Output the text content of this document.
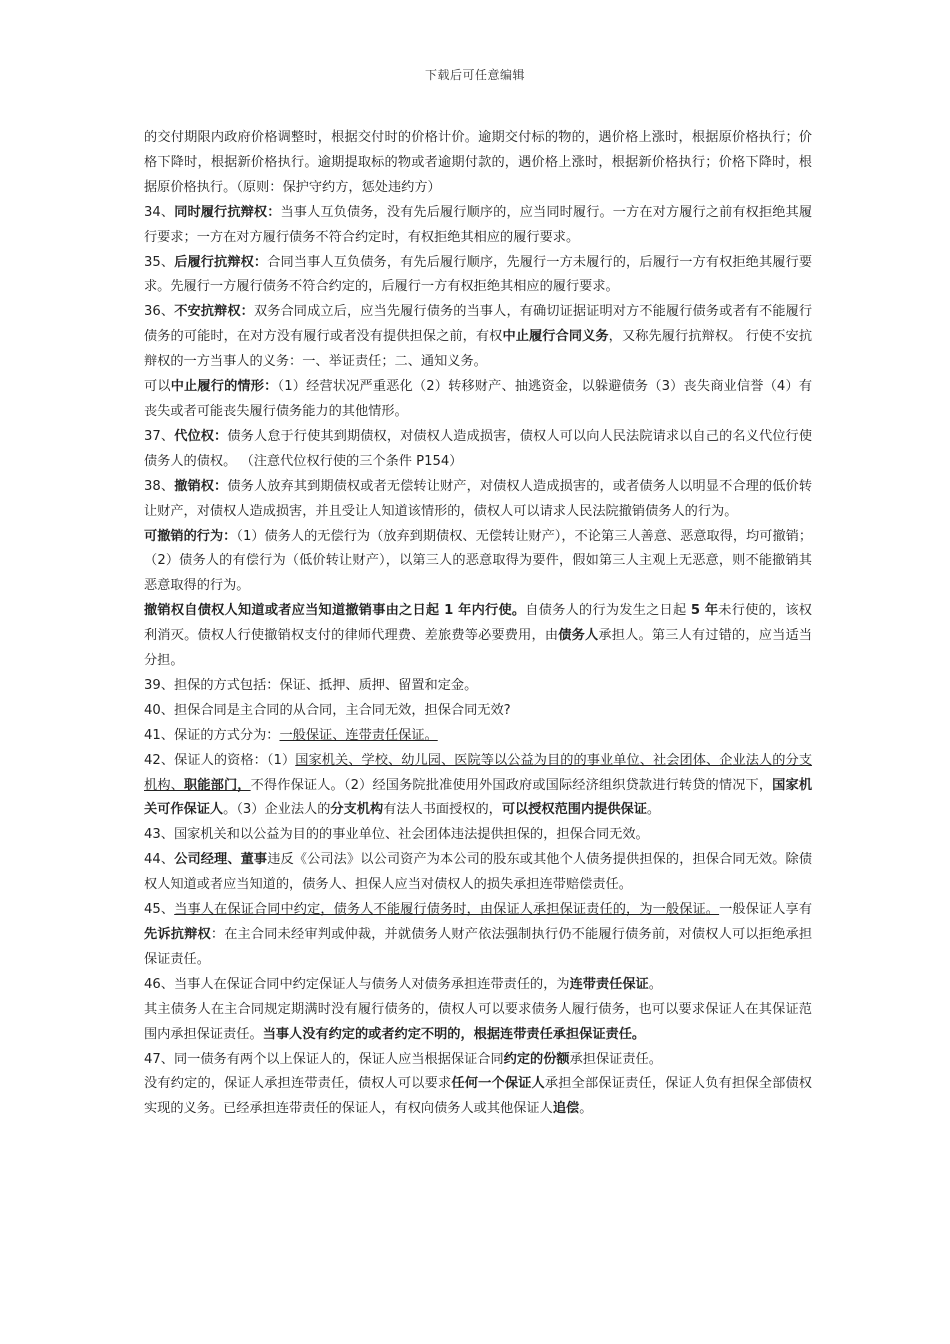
下载后可任意编辑

的交付期限内政府价格调整时，根据交付时的价格计价。逾期交付标的物的，遇价格上涨时，根据原价格执行；价格下降时，根据新价格执行。逾期提取标的物或者逾期付款的，遇价格上涨时，根据新价格执行；价格下降时，根据原价格执行。（原则：保护守约方，惩处违约方）

34、同时履行抗辩权：当事人互负债务，没有先后履行顺序的，应当同时履行。一方在对方履行之前有权拒绝其履行要求；一方在对方履行债务不符合约定时，有权拒绝其相应的履行要求。

35、后履行抗辩权：合同当事人互负债务，有先后履行顺序，先履行一方未履行的，后履行一方有权拒绝其履行要求。先履行一方履行债务不符合约定的，后履行一方有权拒绝其相应的履行要求。

36、不安抗辩权：双务合同成立后，应当先履行债务的当事人，有确切证据证明对方不能履行债务或者有不能履行债务的可能时，在对方没有履行或者没有提供担保之前，有权中止履行合同义务，又称先履行抗辩权。 行使不安抗辩权的一方当事人的义务：一、举证责任；二、通知义务。

可以中止履行的情形：（1）经营状况严重恶化（2）转移财产、抽逃资金，以躲避债务（3）丧失商业信誉（4）有丧失或者可能丧失履行债务能力的其他情形。

37、代位权：债务人怠于行使其到期债权，对债权人造成损害，债权人可以向人民法院请求以自己的名义代位行使债务人的债权。 （注意代位权行使的三个条件 P154）

38、撤销权：债务人放弃其到期债权或者无偿转让财产，对债权人造成损害的，或者债务人以明显不合理的低价转让财产，对债权人造成损害，并且受让人知道该情形的，债权人可以请求人民法院撤销债务人的行为。

可撤销的行为：（1）债务人的无偿行为（放弃到期债权、无偿转让财产），不论第三人善意、恶意取得，均可撤销；（2）债务人的有偿行为（低价转让财产），以第三人的恶意取得为要件，假如第三人主观上无恶意，则不能撤销其恶意取得的行为。

撤销权自债权人知道或者应当知道撤销事由之日起 1 年内行使。自债务人的行为发生之日起 5 年未行使的，该权利消灭。债权人行使撤销权支付的律师代理费、差旅费等必要费用，由债务人承担人。第三人有过错的，应当适当分担。

39、担保的方式包括：保证、抵押、质押、留置和定金。

40、担保合同是主合同的从合同，主合同无效，担保合同无效?

41、保证的方式分为：一般保证、连带责任保证。

42、保证人的资格：（1）国家机关、学校、幼儿园、医院等以公益为目的的事业单位、社会团体、企业法人的分支机构、职能部门，不得作保证人。（2）经国务院批准使用外国政府或国际经济组织贷款进行转贷的情况下，国家机关可作保证人。（3）企业法人的分支机构有法人书面授权的，可以授权范围内提供保证。

43、国家机关和以公益为目的的事业单位、社会团体违法提供担保的，担保合同无效。

44、公司经理、董事违反《公司法》以公司资产为本公司的股东或其他个人债务提供担保的，担保合同无效。除债权人知道或者应当知道的，债务人、担保人应当对债权人的损失承担连带赔偿责任。

45、当事人在保证合同中约定，债务人不能履行债务时，由保证人承担保证责任的，为一般保证。一般保证人享有先诉抗辩权：在主合同未经审判或仲裁，并就债务人财产依法强制执行仍不能履行债务前，对债权人可以拒绝承担保证责任。

46、当事人在保证合同中约定保证人与债务人对债务承担连带责任的，为连带责任保证。

其主债务人在主合同规定期满时没有履行债务的，债权人可以要求债务人履行债务，也可以要求保证人在其保证范围内承担保证责任。当事人没有约定的或者约定不明的，根据连带责任承担保证责任。

47、同一债务有两个以上保证人的，保证人应当根据保证合同约定的份额承担保证责任。

没有约定的，保证人承担连带责任，债权人可以要求任何一个保证人承担全部保证责任，保证人负有担保全部债权实现的义务。已经承担连带责任的保证人，有权向债务人或其他保证人追偿。
